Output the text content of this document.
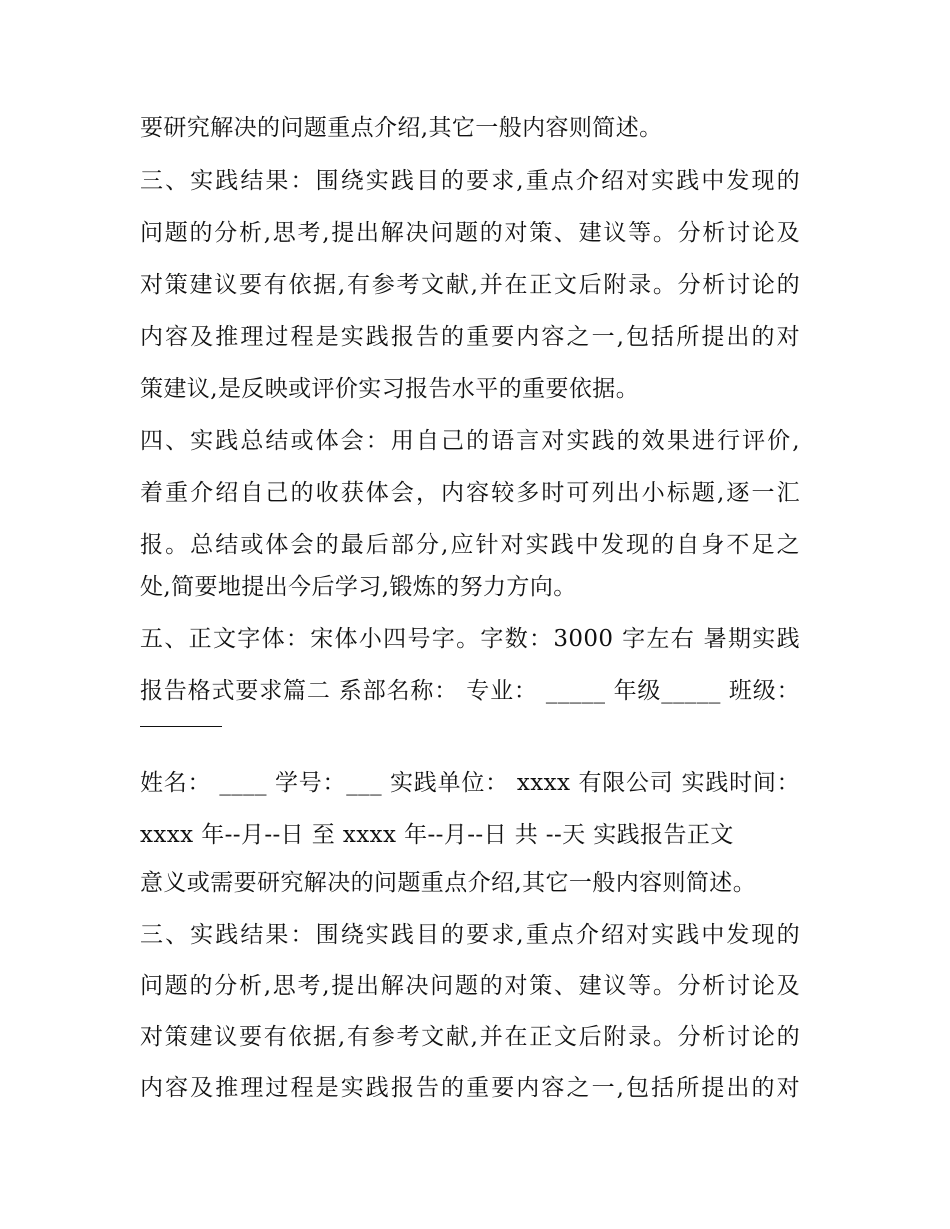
要研究解决的问题重点介绍,其它一般内容则简述。
三、实践结果：围绕实践目的要求,重点介绍对实践中发现的
问题的分析,思考,提出解决问题的对策、建议等。分析讨论及
对策建议要有依据,有参考文献,并在正文后附录。分析讨论的
内容及推理过程是实践报告的重要内容之一,包括所提出的对
策建议,是反映或评价实习报告水平的重要依据。
四、实践总结或体会：用自己的语言对实践的效果进行评价,
着重介绍自己的收获体会，内容较多时可列出小标题,逐一汇
报。总结或体会的最后部分,应针对实践中发现的自身不足之
处,简要地提出今后学习,锻炼的努力方向。
五、正文字体：宋体小四号字。字数：3000 字左右 暑期实践
报告格式要求篇二 系部名称： 专业： _____ 年级_____ 班级：
姓名： ____ 学号：___ 实践单位： xxxx 有限公司 实践时间：
xxxx 年--月--日 至 xxxx 年--月--日 共 --天 实践报告正文
意义或需要研究解决的问题重点介绍,其它一般内容则简述。
三、实践结果：围绕实践目的要求,重点介绍对实践中发现的
问题的分析,思考,提出解决问题的对策、建议等。分析讨论及
对策建议要有依据,有参考文献,并在正文后附录。分析讨论的
内容及推理过程是实践报告的重要内容之一,包括所提出的对
